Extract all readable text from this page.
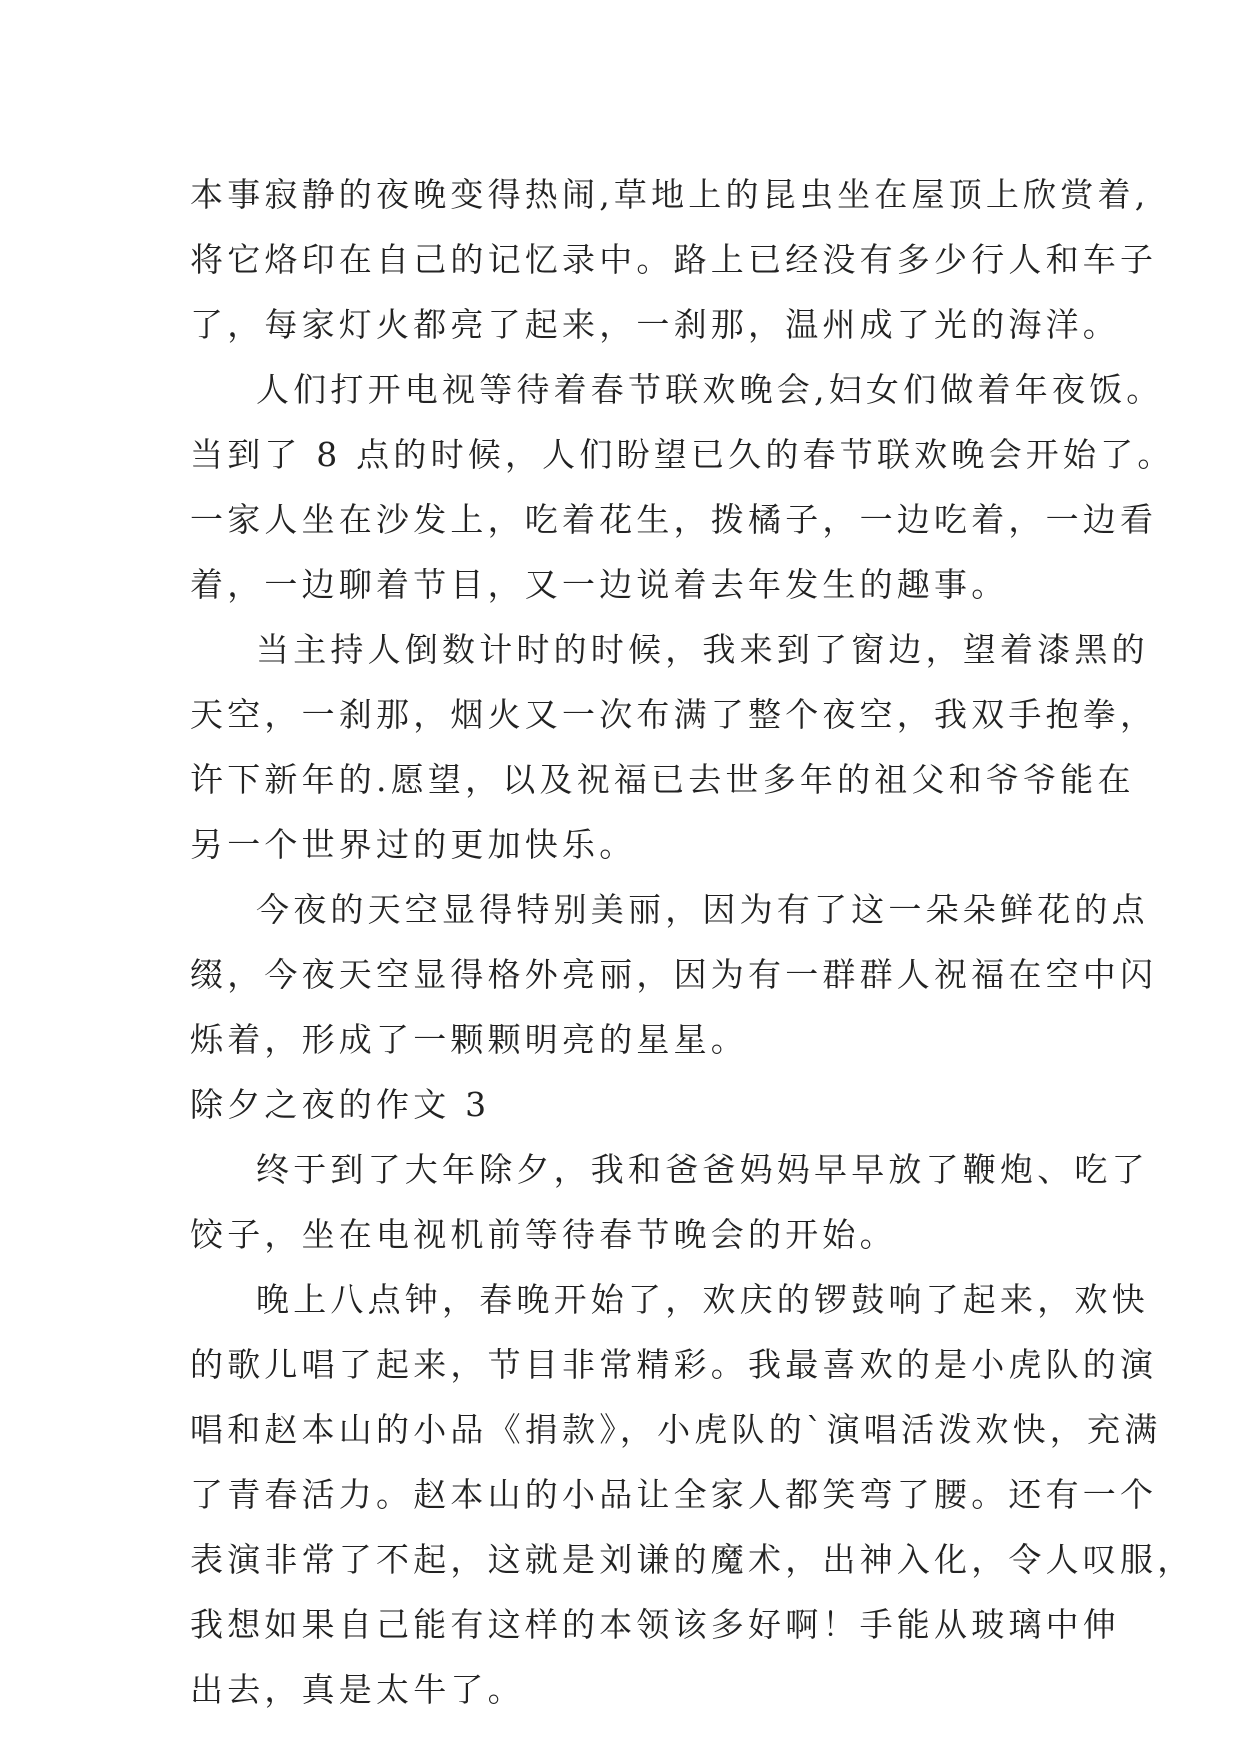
本事寂静的夜晚变得热闹,草地上的昆虫坐在屋顶上欣赏着,
将它烙印在自己的记忆录中。路上已经没有多少行人和车子
了，每家灯火都亮了起来，一刹那，温州成了光的海洋。
人们打开电视等待着春节联欢晚会,妇女们做着年夜饭。
当到了 8 点的时候，人们盼望已久的春节联欢晚会开始了。
一家人坐在沙发上，吃着花生，拨橘子，一边吃着，一边看
着，一边聊着节目，又一边说着去年发生的趣事。
当主持人倒数计时的时候，我来到了窗边，望着漆黑的
天空，一刹那，烟火又一次布满了整个夜空，我双手抱拳，
许下新年的.愿望，以及祝福已去世多年的祖父和爷爷能在
另一个世界过的更加快乐。
今夜的天空显得特别美丽，因为有了这一朵朵鲜花的点
缀，今夜天空显得格外亮丽，因为有一群群人祝福在空中闪
烁着，形成了一颗颗明亮的星星。
除夕之夜的作文 3
终于到了大年除夕，我和爸爸妈妈早早放了鞭炮、吃了
饺子，坐在电视机前等待春节晚会的开始。
晚上八点钟，春晚开始了，欢庆的锣鼓响了起来，欢快
的歌儿唱了起来，节目非常精彩。我最喜欢的是小虎队的演
唱和赵本山的小品《捐款》，小虎队的`演唱活泼欢快，充满
了青春活力。赵本山的小品让全家人都笑弯了腰。还有一个
表演非常了不起，这就是刘谦的魔术，出神入化，令人叹服，
我想如果自己能有这样的本领该多好啊！手能从玻璃中伸
出去，真是太牛了。
